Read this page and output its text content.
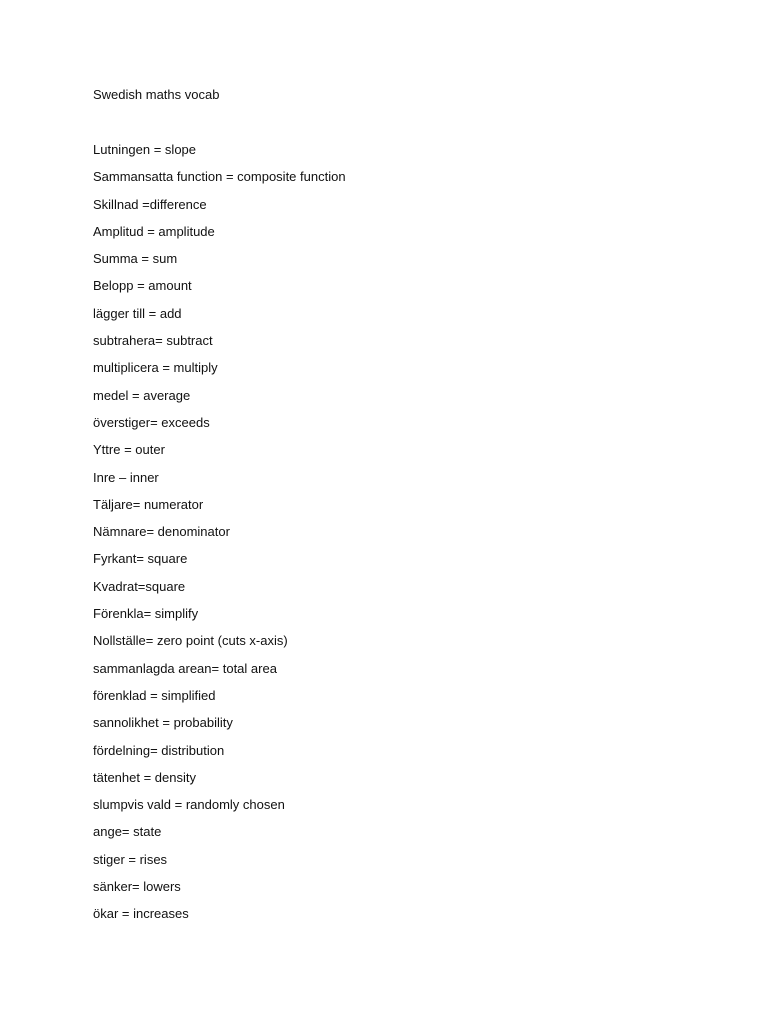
Swedish maths vocab
Lutningen = slope
Sammansatta function = composite function
Skillnad =difference
Amplitud = amplitude
Summa = sum
Belopp = amount
lägger till = add
subtrahera= subtract
multiplicera = multiply
medel = average
överstiger= exceeds
Yttre = outer
Inre – inner
Täljare= numerator
Nämnare= denominator
Fyrkant= square
Kvadrat=square
Förenkla= simplify
Nollställe= zero point (cuts x-axis)
sammanlagda arean= total area
förenklad = simplified
sannolikhet = probability
fördelning= distribution
tätenhet = density
slumpvis vald = randomly chosen
ange= state
stiger = rises
sänker= lowers
ökar = increases
